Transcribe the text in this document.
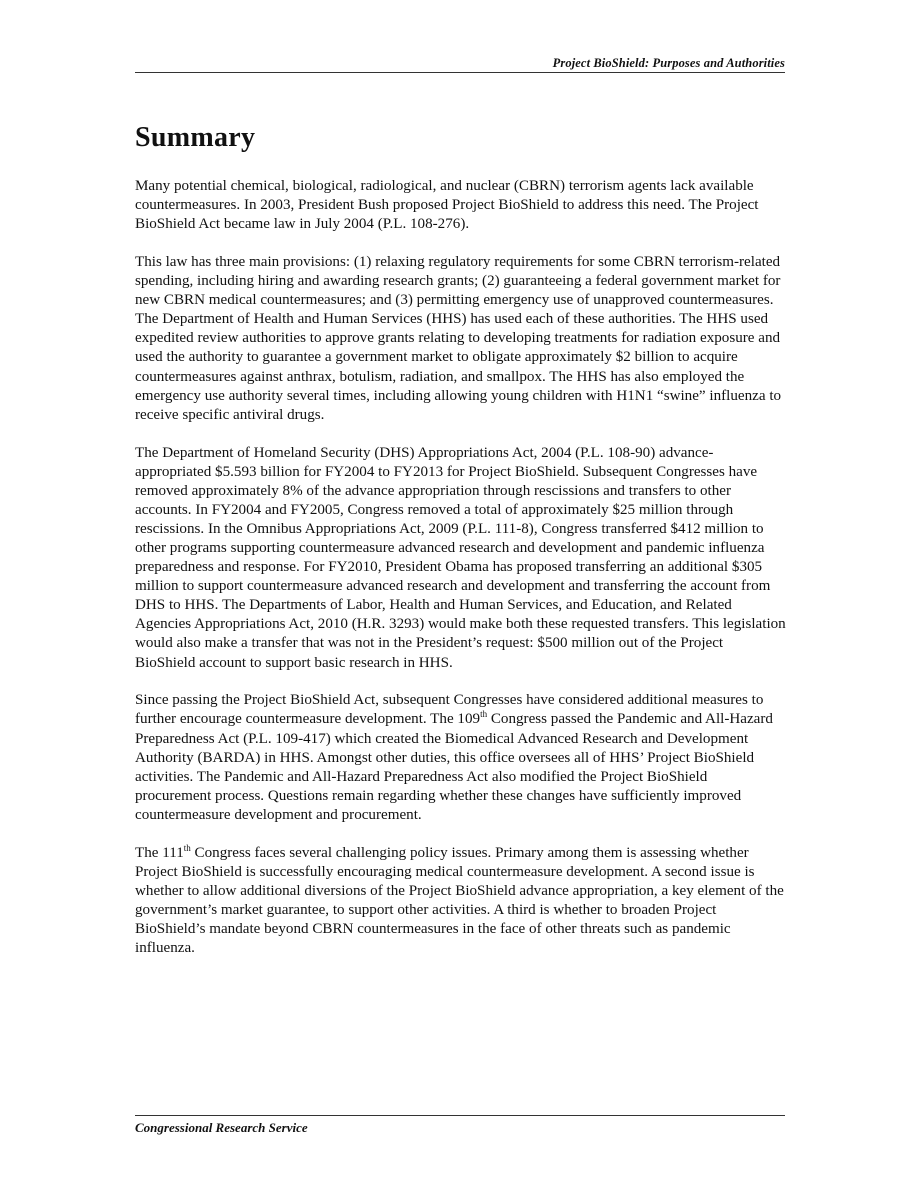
Project BioShield: Purposes and Authorities
Summary

Many potential chemical, biological, radiological, and nuclear (CBRN) terrorism agents lack available countermeasures. In 2003, President Bush proposed Project BioShield to address this need. The Project BioShield Act became law in July 2004 (P.L. 108-276).

This law has three main provisions: (1) relaxing regulatory requirements for some CBRN terrorism-related spending, including hiring and awarding research grants; (2) guaranteeing a federal government market for new CBRN medical countermeasures; and (3) permitting emergency use of unapproved countermeasures. The Department of Health and Human Services (HHS) has used each of these authorities. The HHS used expedited review authorities to approve grants relating to developing treatments for radiation exposure and used the authority to guarantee a government market to obligate approximately $2 billion to acquire countermeasures against anthrax, botulism, radiation, and smallpox. The HHS has also employed the emergency use authority several times, including allowing young children with H1N1 “swine” influenza to receive specific antiviral drugs.

The Department of Homeland Security (DHS) Appropriations Act, 2004 (P.L. 108-90) advance-appropriated $5.593 billion for FY2004 to FY2013 for Project BioShield. Subsequent Congresses have removed approximately 8% of the advance appropriation through rescissions and transfers to other accounts. In FY2004 and FY2005, Congress removed a total of approximately $25 million through rescissions. In the Omnibus Appropriations Act, 2009 (P.L. 111-8), Congress transferred $412 million to other programs supporting countermeasure advanced research and development and pandemic influenza preparedness and response. For FY2010, President Obama has proposed transferring an additional $305 million to support countermeasure advanced research and development and transferring the account from DHS to HHS. The Departments of Labor, Health and Human Services, and Education, and Related Agencies Appropriations Act, 2010 (H.R. 3293) would make both these requested transfers. This legislation would also make a transfer that was not in the President’s request: $500 million out of the Project BioShield account to support basic research in HHS.

Since passing the Project BioShield Act, subsequent Congresses have considered additional measures to further encourage countermeasure development. The 109th Congress passed the Pandemic and All-Hazard Preparedness Act (P.L. 109-417) which created the Biomedical Advanced Research and Development Authority (BARDA) in HHS. Amongst other duties, this office oversees all of HHS’ Project BioShield activities. The Pandemic and All-Hazard Preparedness Act also modified the Project BioShield procurement process. Questions remain regarding whether these changes have sufficiently improved countermeasure development and procurement.

The 111th Congress faces several challenging policy issues. Primary among them is assessing whether Project BioShield is successfully encouraging medical countermeasure development. A second issue is whether to allow additional diversions of the Project BioShield advance appropriation, a key element of the government’s market guarantee, to support other activities. A third is whether to broaden Project BioShield’s mandate beyond CBRN countermeasures in the face of other threats such as pandemic influenza.

Congressional Research Service
